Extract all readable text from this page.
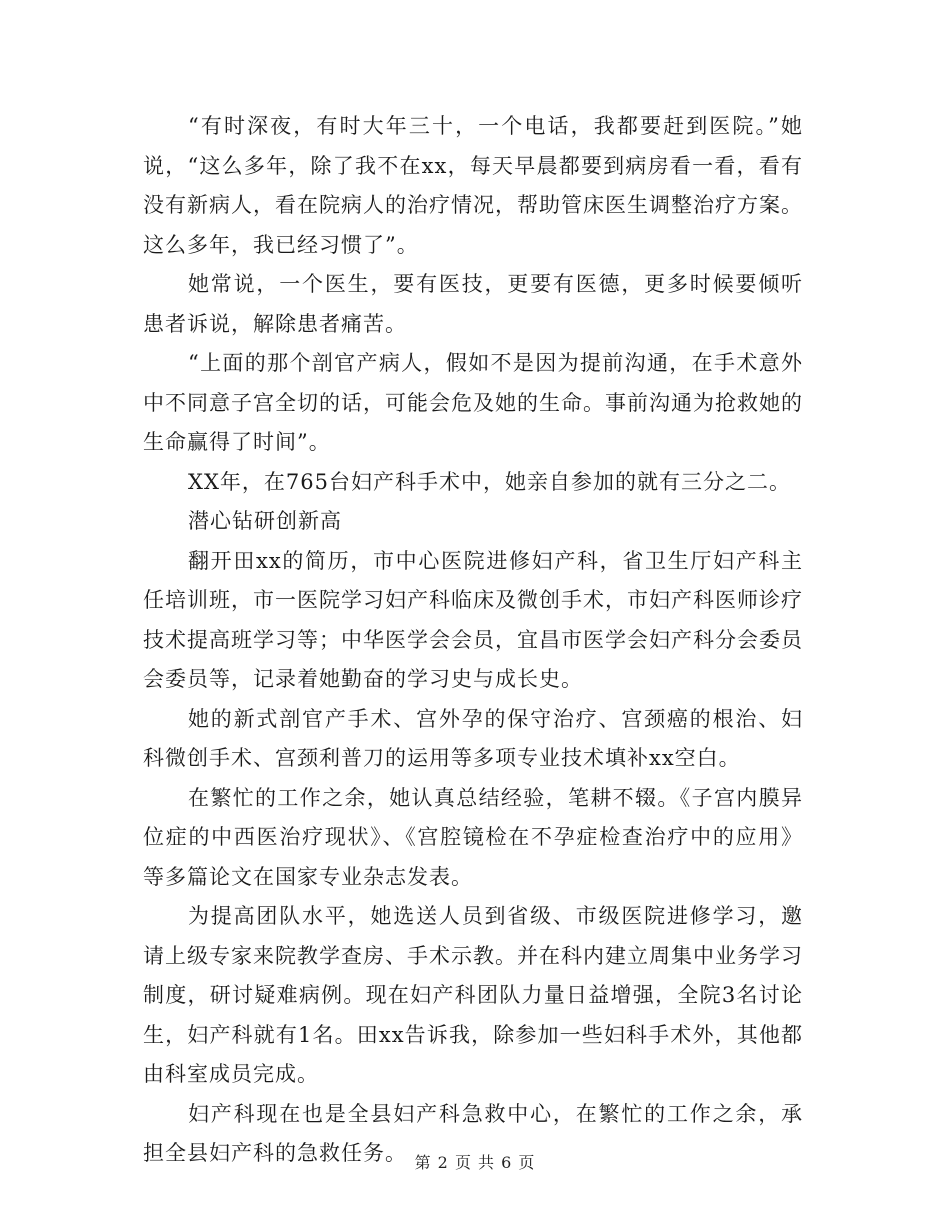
“有时深夜，有时大年三十，一个电话，我都要赶到医院。”她说，“这么多年，除了我不在xx，每天早晨都要到病房看一看，看有没有新病人，看在院病人的治疗情况，帮助管床医生调整治疗方案。这么多年，我已经习惯了”。

她常说，一个医生，要有医技，更要有医德，更多时候要倾听患者诉说，解除患者痛苦。

“上面的那个剖官产病人，假如不是因为提前沟通，在手术意外中不同意子宫全切的话，可能会危及她的生命。事前沟通为抢救她的生命赢得了时间”。

XX年，在765台妇产科手术中，她亲自参加的就有三分之二。

潜心钻研创新高

翻开田xx的简历，市中心医院进修妇产科，省卫生厅妇产科主任培训班，市一医院学习妇产科临床及微创手术，市妇产科医师诊疗技术提高班学习等；中华医学会会员，宜昌市医学会妇产科分会委员会委员等，记录着她勤奋的学习史与成长史。

她的新式剖官产手术、宫外孕的保守治疗、宫颈癌的根治、妇科微创手术、宫颈利普刀的运用等多项专业技术填补xx空白。

在繁忙的工作之余，她认真总结经验，笔耕不辍。《子宫内膜异位症的中西医治疗现状》、《宫腔镜检在不孕症检查治疗中的应用》等多篇论文在国家专业杂志发表。

为提高团队水平，她选送人员到省级、市级医院进修学习，邀请上级专家来院教学查房、手术示教。并在科内建立周集中业务学习制度，研讨疑难病例。现在妇产科团队力量日益增强，全院3名讨论生，妇产科就有1名。田xx告诉我，除参加一些妇科手术外，其他都由科室成员完成。

妇产科现在也是全县妇产科急救中心，在繁忙的工作之余，承担全县妇产科的急救任务。 第 2 页 共 6 页
